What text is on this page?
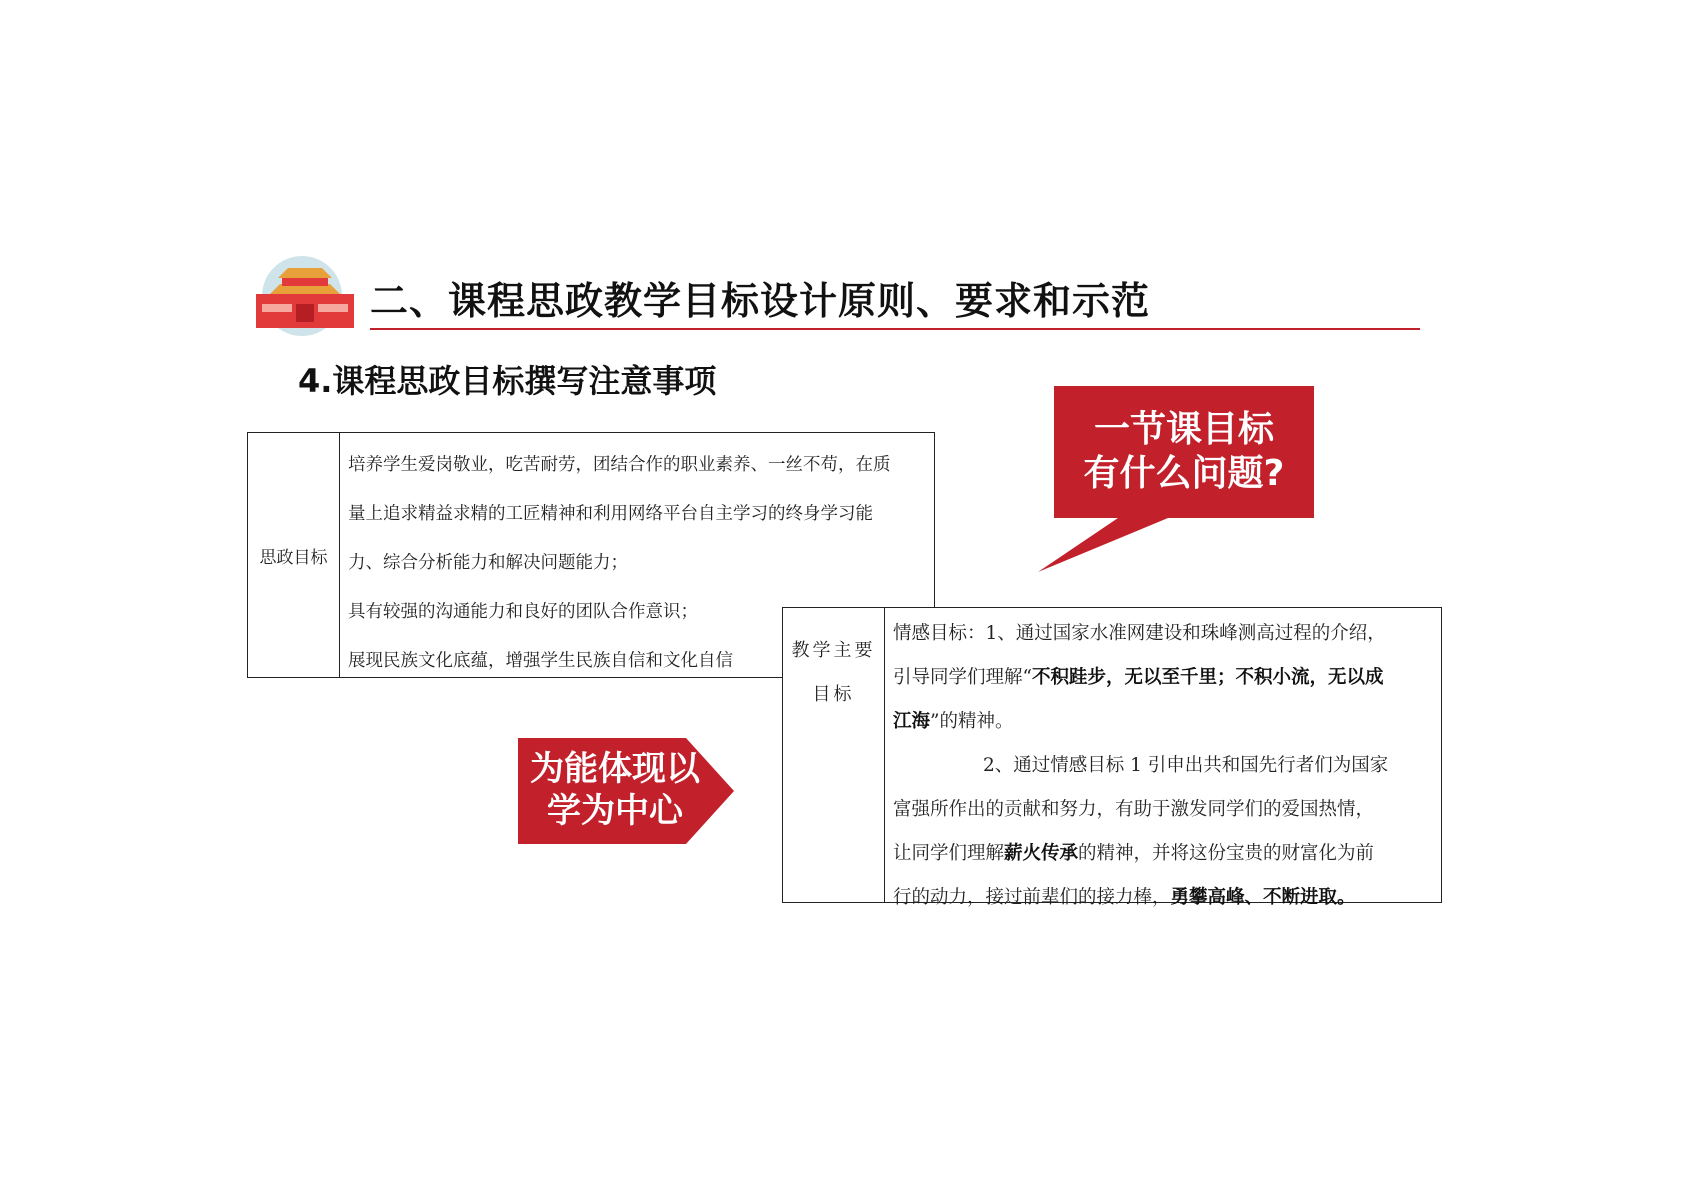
二、课程思政教学目标设计原则、要求和示范
4.课程思政目标撰写注意事项
思政目标

培养学生爱岗敬业，吃苦耐劳，团结合作的职业素养、一丝不苟，在质

量上追求精益求精的工匠精神和利用网络平台自主学习的终身学习能

力、综合分析能力和解决问题能力；

具有较强的沟通能力和良好的团队合作意识；

展现民族文化底蕴，增强学生民族自信和文化自信	教学主要
目标

情感目标：1、通过国家水准网建设和珠峰测高过程的介绍，

引导同学们理解“不积跬步，无以至千里；不积小流，无以成

江海”的精神。

2、通过情感目标 1 引申出共和国先行者们为国家

富强所作出的贡献和努力，有助于激发同学们的爱国热情，

让同学们理解薪火传承的精神，并将这份宝贵的财富化为前

行的动力，接过前辈们的接力棒，勇攀高峰、不断进取。

一节课目标
有什么问题?
为能体现以
学为中心
